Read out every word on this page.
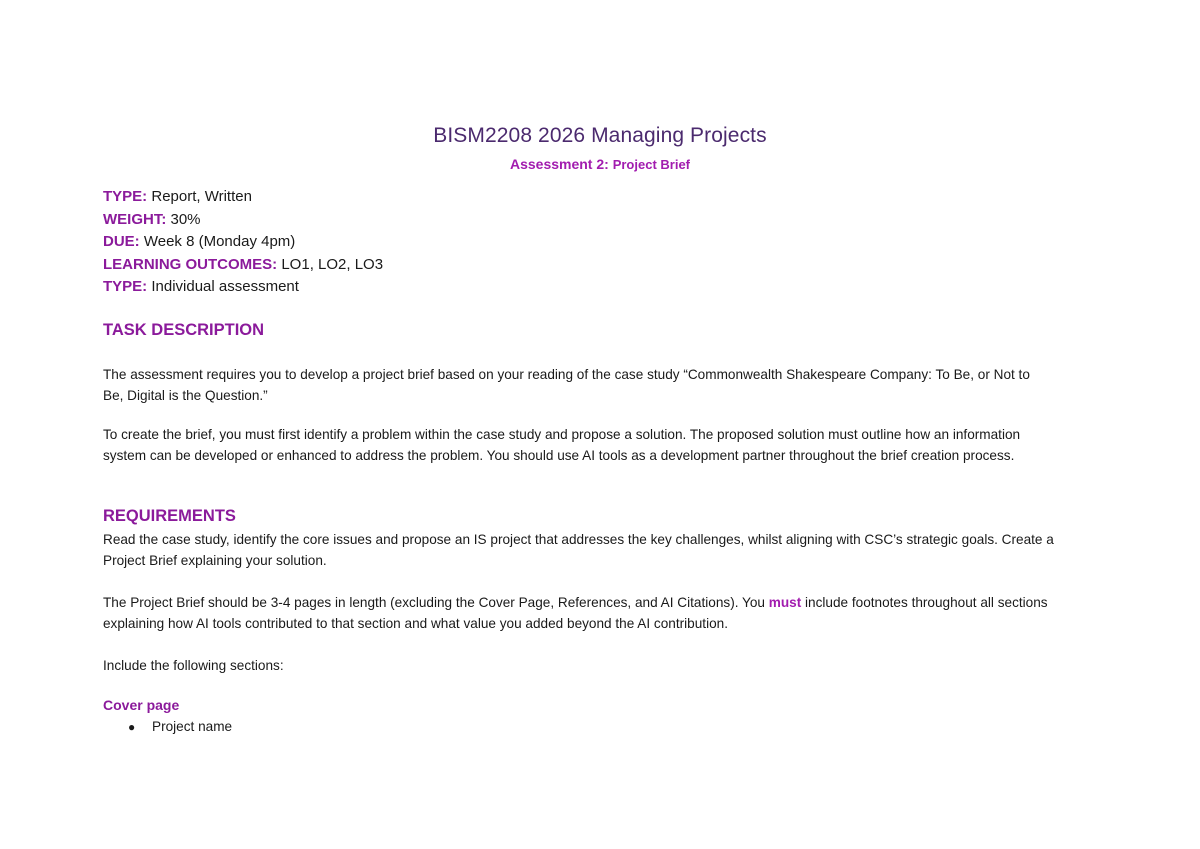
BISM2208 2026 Managing Projects
Assessment 2: Project Brief
TYPE: Report, Written
WEIGHT: 30%
DUE: Week 8 (Monday 4pm)
LEARNING OUTCOMES: LO1, LO2, LO3
TYPE: Individual assessment
TASK DESCRIPTION
The assessment requires you to develop a project brief based on your reading of the case study “Commonwealth Shakespeare Company: To Be, or Not to
Be, Digital is the Question.”
To create the brief, you must first identify a problem within the case study and propose a solution. The proposed solution must outline how an information
system can be developed or enhanced to address the problem. You should use AI tools as a development partner throughout the brief creation process.
REQUIREMENTS
Read the case study, identify the core issues and propose an IS project that addresses the key challenges, whilst aligning with CSC’s strategic goals. Create a
Project Brief explaining your solution.
The Project Brief should be 3-4 pages in length (excluding the Cover Page, References, and AI Citations). You must include footnotes throughout all sections
explaining how AI tools contributed to that section and what value you added beyond the AI contribution.
Include the following sections:
Cover page
● Project name
